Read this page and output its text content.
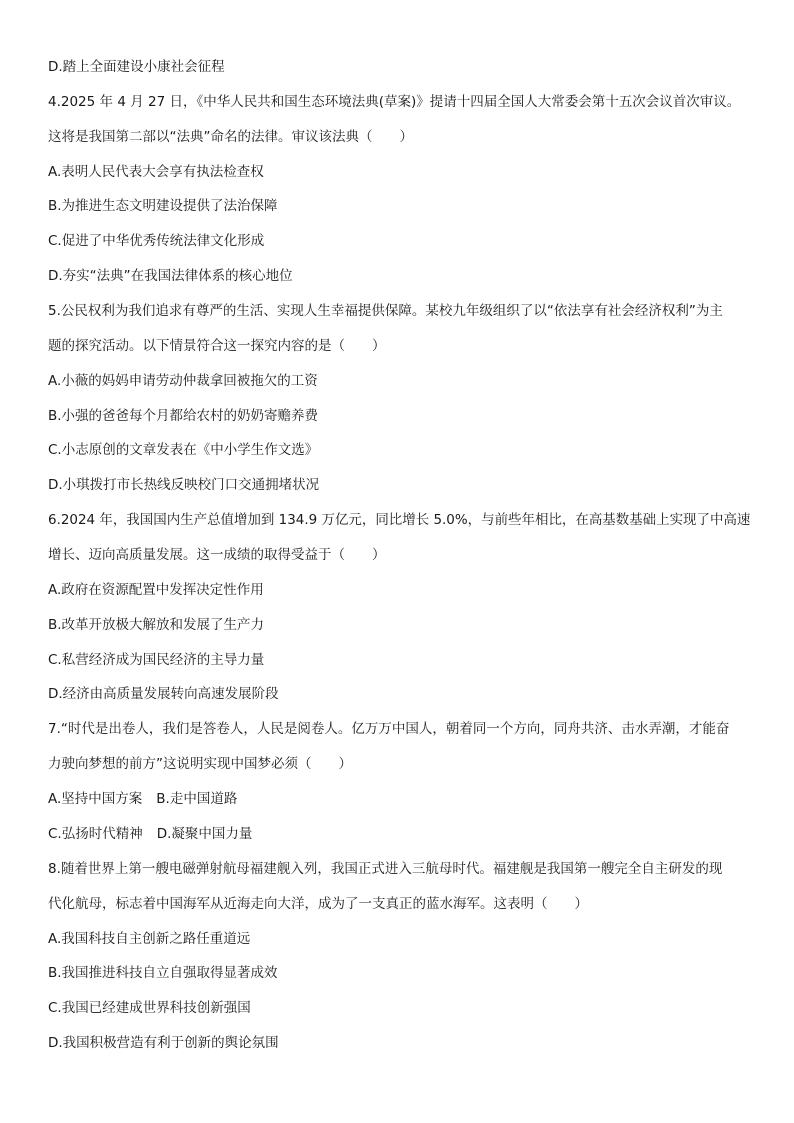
D.踏上全面建设小康社会征程
4.2025 年 4 月 27 日，《中华人民共和国生态环境法典(草案)》提请十四届全国人大常委会第十五次会议首次审议。
这将是我国第二部以“法典”命名的法律。审议该法典（　　）
A.表明人民代表大会享有执法检查权
B.为推进生态文明建设提供了法治保障
C.促进了中华优秀传统法律文化形成
D.夯实“法典”在我国法律体系的核心地位
5.公民权利为我们追求有尊严的生活、实现人生幸福提供保障。某校九年级组织了以“依法享有社会经济权利”为主
题的探究活动。以下情景符合这一探究内容的是（　　）
A.小薇的妈妈申请劳动仲裁拿回被拖欠的工资
B.小强的爸爸每个月都给农村的奶奶寄赡养费
C.小志原创的文章发表在《中小学生作文选》
D.小琪拨打市长热线反映校门口交通拥堵状况
6.2024 年，我国国内生产总值增加到 134.9 万亿元，同比增长 5.0%，与前些年相比，在高基数基础上实现了中高速
增长、迈向高质量发展。这一成绩的取得受益于（　　）
A.政府在资源配置中发挥决定性作用
B.改革开放极大解放和发展了生产力
C.私营经济成为国民经济的主导力量
D.经济由高质量发展转向高速发展阶段
7.“时代是出卷人，我们是答卷人，人民是阅卷人。亿万万中国人，朝着同一个方向，同舟共济、击水弄潮，才能奋
力驶向梦想的前方”这说明实现中国梦必须（　　）
A.坚持中国方案 B.走中国道路
C.弘扬时代精神 D.凝聚中国力量
8.随着世界上第一艘电磁弹射航母福建舰入列，我国正式进入三航母时代。福建舰是我国第一艘完全自主研发的现
代化航母，标志着中国海军从近海走向大洋，成为了一支真正的蓝水海军。这表明（　　）
A.我国科技自主创新之路任重道远
B.我国推进科技自立自强取得显著成效
C.我国已经建成世界科技创新强国
D.我国积极营造有利于创新的舆论氛围
